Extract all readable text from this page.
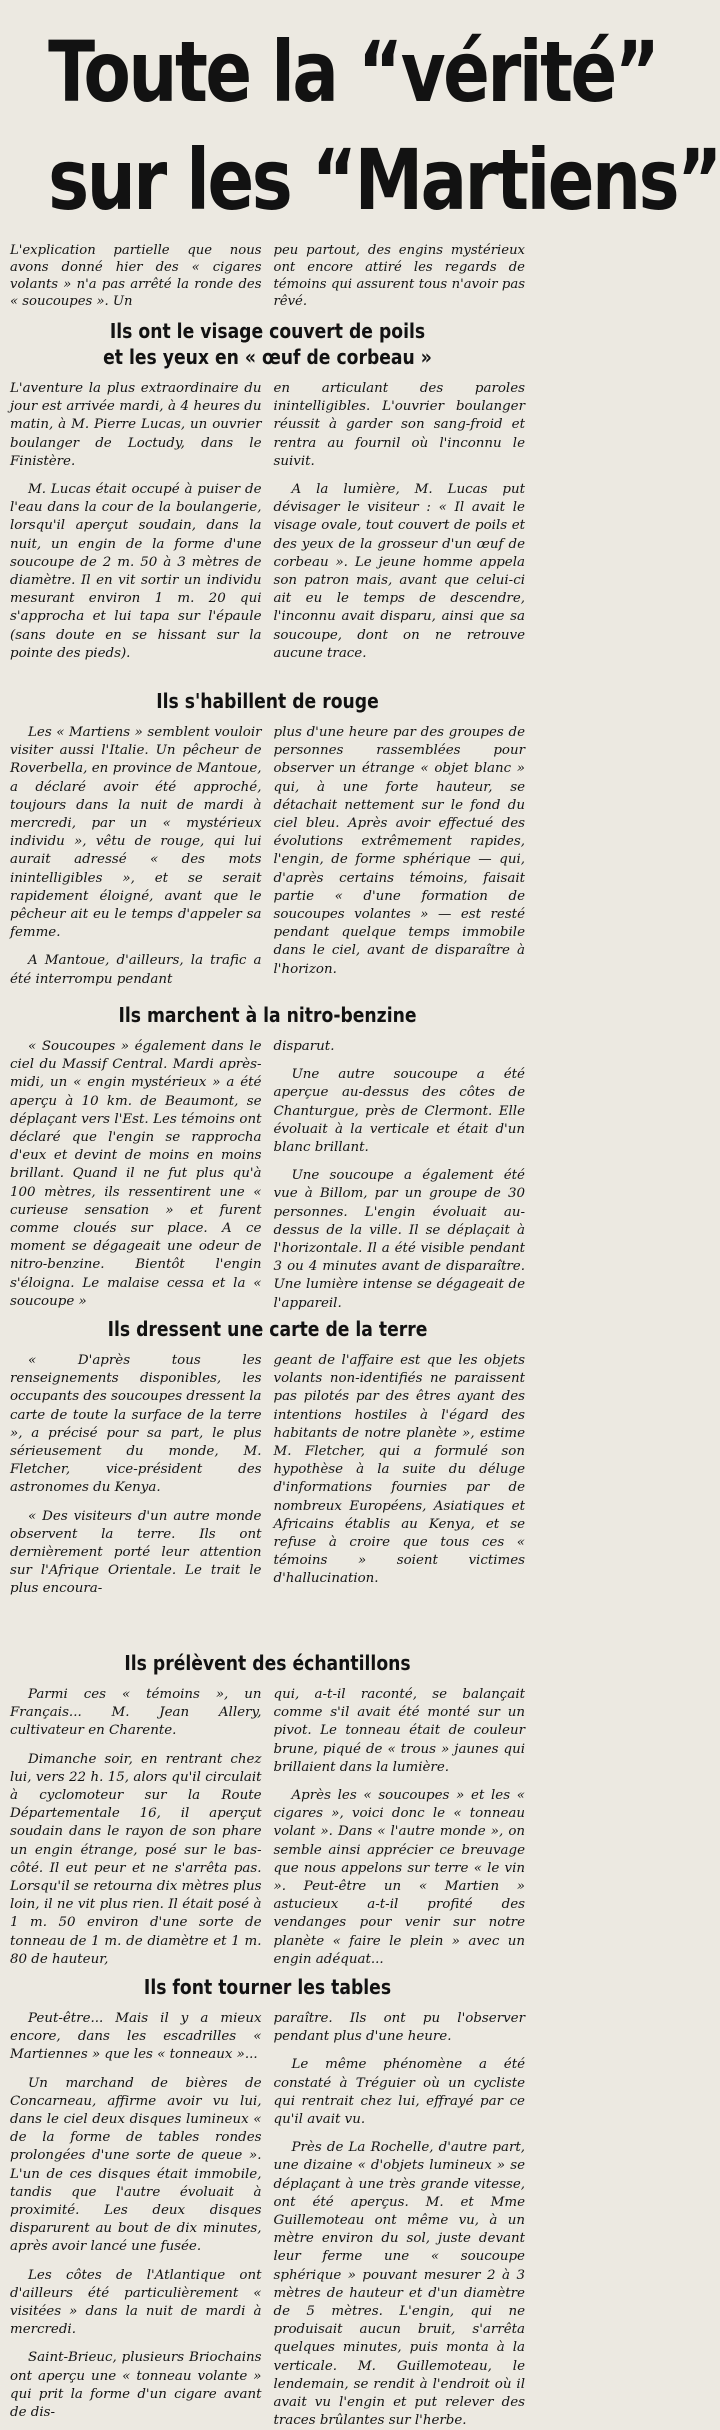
Toute la “vérité”
sur les “Martiens”

L'explication partielle que nous avons donné hier des « cigares volants » n'a pas arrêté la ronde des « soucoupes ». Un

peu partout, des engins mystérieux ont encore attiré les regards de témoins qui assurent tous n'avoir pas rêvé.

Ils ont le visage couvert de poils
et les yeux en « œuf de corbeau »

L'aventure la plus extraordinaire du jour est arrivée mardi, à 4 heures du matin, à M. Pierre Lucas, un ouvrier boulanger de Loctudy, dans le Finistère.

M. Lucas était occupé à puiser de l'eau dans la cour de la boulangerie, lorsqu'il aperçut soudain, dans la nuit, un engin de la forme d'une soucoupe de 2 m. 50 à 3 mètres de diamètre. Il en vit sortir un individu mesurant environ 1 m. 20 qui s'approcha et lui tapa sur l'épaule (sans doute en se hissant sur la pointe des pieds).

en articulant des paroles inintelligibles. L'ouvrier boulanger réussit à garder son sang-froid et rentra au fournil où l'inconnu le suivit.

A la lumière, M. Lucas put dévisager le visiteur : « Il avait le visage ovale, tout couvert de poils et des yeux de la grosseur d'un œuf de corbeau ». Le jeune homme appela son patron mais, avant que celui-ci ait eu le temps de descendre, l'inconnu avait disparu, ainsi que sa soucoupe, dont on ne retrouve aucune trace.

Ils s'habillent de rouge

Les « Martiens » semblent vouloir visiter aussi l'Italie. Un pêcheur de Roverbella, en province de Mantoue, a déclaré avoir été approché, toujours dans la nuit de mardi à mercredi, par un « mystérieux individu », vêtu de rouge, qui lui aurait adressé « des mots inintelligibles », et se serait rapidement éloigné, avant que le pêcheur ait eu le temps d'appeler sa femme.

A Mantoue, d'ailleurs, la trafic a été interrompu pendant

plus d'une heure par des groupes de personnes rassemblées pour observer un étrange « objet blanc » qui, à une forte hauteur, se détachait nettement sur le fond du ciel bleu. Après avoir effectué des évolutions extrêmement rapides, l'engin, de forme sphérique — qui, d'après certains témoins, faisait partie « d'une formation de soucoupes volantes » — est resté pendant quelque temps immobile dans le ciel, avant de disparaître à l'horizon.

Ils marchent à la nitro-benzine

« Soucoupes » également dans le ciel du Massif Central. Mardi après-midi, un « engin mystérieux » a été aperçu à 10 km. de Beaumont, se déplaçant vers l'Est. Les témoins ont déclaré que l'engin se rapprocha d'eux et devint de moins en moins brillant. Quand il ne fut plus qu'à 100 mètres, ils ressentirent une « curieuse sensation » et furent comme cloués sur place. A ce moment se dégageait une odeur de nitro-benzine. Bientôt l'engin s'éloigna. Le malaise cessa et la « soucoupe »

disparut.

Une autre soucoupe a été aperçue au-dessus des côtes de Chanturgue, près de Clermont. Elle évoluait à la verticale et était d'un blanc brillant.

Une soucoupe a également été vue à Billom, par un groupe de 30 personnes. L'engin évoluait au-dessus de la ville. Il se déplaçait à l'horizontale. Il a été visible pendant 3 ou 4 minutes avant de disparaître. Une lumière intense se dégageait de l'appareil.

Ils dressent une carte de la terre

« D'après tous les renseignements disponibles, les occupants des soucoupes dressent la carte de toute la surface de la terre », a précisé pour sa part, le plus sérieusement du monde, M. Fletcher, vice-président des astronomes du Kenya.

« Des visiteurs d'un autre monde observent la terre. Ils ont dernièrement porté leur attention sur l'Afrique Orientale. Le trait le plus encoura-

geant de l'affaire est que les objets volants non-identifiés ne paraissent pas pilotés par des êtres ayant des intentions hostiles à l'égard des habitants de notre planète », estime M. Fletcher, qui a formulé son hypothèse à la suite du déluge d'informations fournies par de nombreux Européens, Asiatiques et Africains établis au Kenya, et se refuse à croire que tous ces « témoins » soient victimes d'hallucination.

Ils prélèvent des échantillons

Parmi ces « témoins », un Français... M. Jean Allery, cultivateur en Charente.

Dimanche soir, en rentrant chez lui, vers 22 h. 15, alors qu'il circulait à cyclomoteur sur la Route Départementale 16, il aperçut soudain dans le rayon de son phare un engin étrange, posé sur le bas-côté. Il eut peur et ne s'arrêta pas. Lorsqu'il se retourna dix mètres plus loin, il ne vit plus rien. Il était posé à 1 m. 50 environ d'une sorte de tonneau de 1 m. de diamètre et 1 m. 80 de hauteur,

qui, a-t-il raconté, se balançait comme s'il avait été monté sur un pivot. Le tonneau était de couleur brune, piqué de « trous » jaunes qui brillaient dans la lumière.

Après les « soucoupes » et les « cigares », voici donc le « tonneau volant ». Dans « l'autre monde », on semble ainsi apprécier ce breuvage que nous appelons sur terre « le vin ». Peut-être un « Martien » astucieux a-t-il profité des vendanges pour venir sur notre planète « faire le plein » avec un engin adéquat...

Ils font tourner les tables

Peut-être... Mais il y a mieux encore, dans les escadrilles « Martiennes » que les « tonneaux »...

Un marchand de bières de Concarneau, affirme avoir vu lui, dans le ciel deux disques lumineux « de la forme de tables rondes prolongées d'une sorte de queue ». L'un de ces disques était immobile, tandis que l'autre évoluait à proximité. Les deux disques disparurent au bout de dix minutes, après avoir lancé une fusée.

Les côtes de l'Atlantique ont d'ailleurs été particulièrement « visitées » dans la nuit de mardi à mercredi.

Saint-Brieuc, plusieurs Briochains ont aperçu une « tonneau volante » qui prit la forme d'un cigare avant de dis-

paraître. Ils ont pu l'observer pendant plus d'une heure.

Le même phénomène a été constaté à Tréguier où un cycliste qui rentrait chez lui, effrayé par ce qu'il avait vu.

Près de La Rochelle, d'autre part, une dizaine « d'objets lumineux » se déplaçant à une très grande vitesse, ont été aperçus. M. et Mme Guillemoteau ont même vu, à un mètre environ du sol, juste devant leur ferme une « soucoupe sphérique » pouvant mesurer 2 à 3 mètres de hauteur et d'un diamètre de 5 mètres. L'engin, qui ne produisait aucun bruit, s'arrêta quelques minutes, puis monta à la verticale. M. Guillemoteau, le lendemain, se rendit à l'endroit où il avait vu l'engin et put relever des traces brûlantes sur l'herbe.
